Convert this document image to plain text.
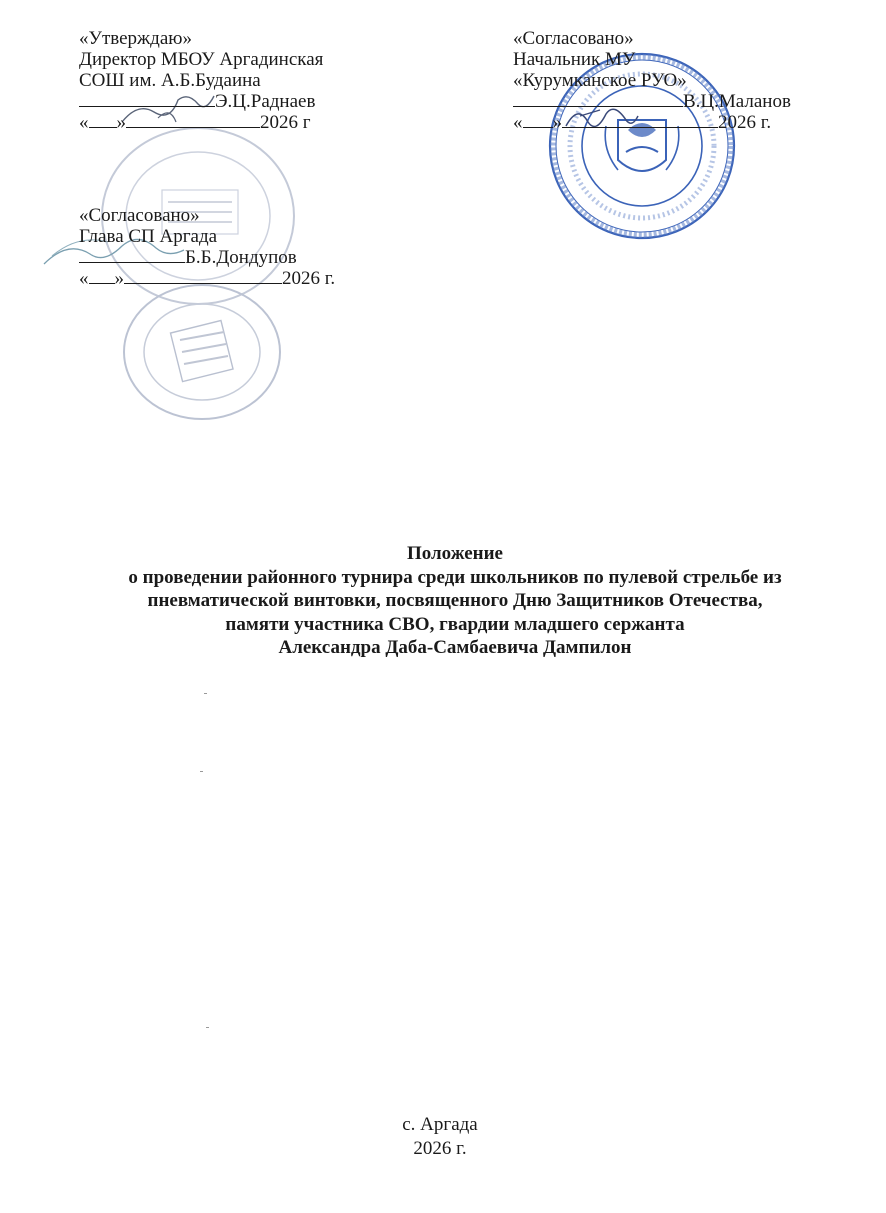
«Утверждаю»
Директор МБОУ Аргадинская
СОШ им. А.Б.Будаина
Э.Ц.Раднаев
« »	2026 г
«Согласовано»
Глава СП Аргада
Б.Б.Дондупов
« »	2026 г.
«Согласовано»
Начальник МУ
«Курумканское РУО»
В.Ц.Маланов
« »	2026 г.
Положение
о проведении районного турнира среди школьников по пулевой стрельбе из
пневматической винтовки, посвященного Дню Защитников Отечества,
памяти участника СВО, гвардии младшего сержанта
Александра Даба-Самбаевича Дампилон
с. Аргада
2026 г.
